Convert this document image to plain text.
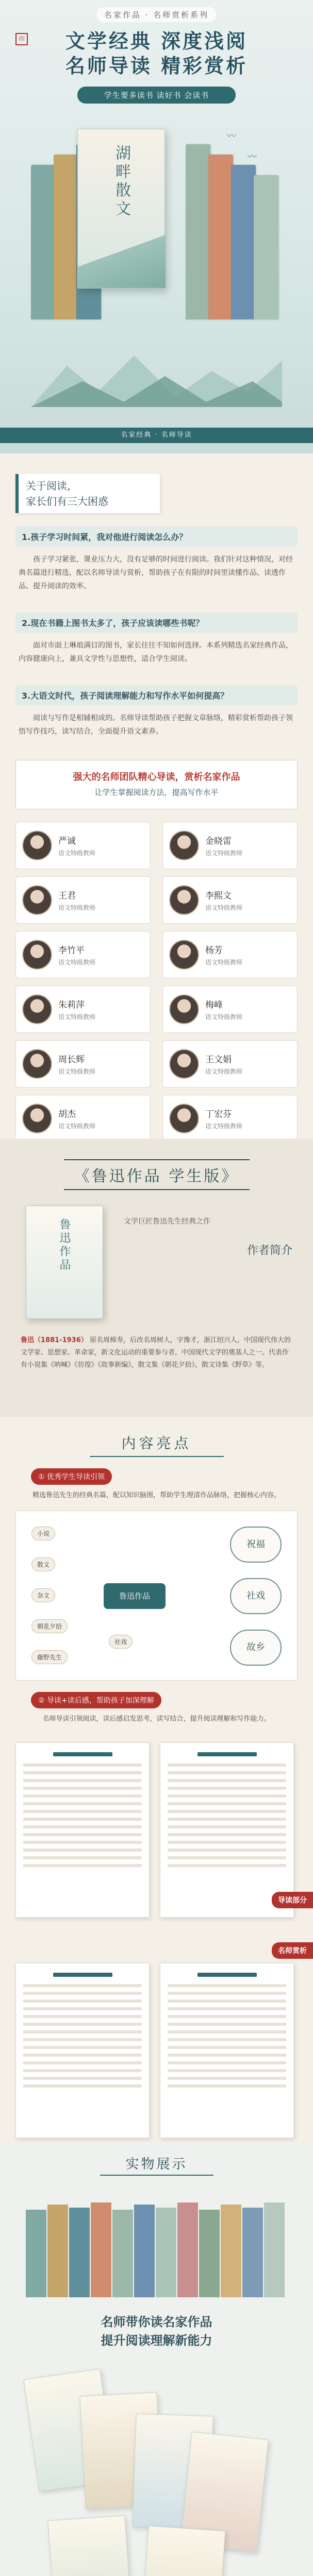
名家作品 · 名师赏析系列
印	文学经典 深度浅阅
名师导读 精彩赏析
学生要多读书 读好书 会读书
湖畔散文
〰
〰
名家经典 · 名师导读
关于阅读，
家长们有三大困惑
1.孩子学习时间紧，我对他进行阅读怎么办？
孩子学习紧张，课业压力大，没有足够的时间进行阅读。我们针对这种情况，对经典名篇进行精选，配以名师导读与赏析，帮助孩子在有限的时间里读懂作品、读透作品、提升阅读的效率。
2.现在书籍上图书太多了，孩子应该读哪些书呢？
面对市面上琳琅满目的图书，家长往往不知如何选择。本系列精选名家经典作品，内容健康向上，兼具文学性与思想性，适合学生阅读。
3.大语文时代，孩子阅读理解能力和写作水平如何提高？
阅读与写作是相辅相成的。名师导读帮助孩子把握文章脉络，精彩赏析帮助孩子领悟写作技巧，读写结合，全面提升语文素养。
强大的名师团队精心导读，赏析名家作品
让学生掌握阅读方法，提高写作水平
严诚
语文特级教师
金晓雷
语文特级教师
王君
语文特级教师
李熙文
语文特级教师
李竹平
语文特级教师
杨芳
语文特级教师
朱莉萍
语文特级教师
梅峰
语文特级教师
周长辉
语文特级教师
王文娟
语文特级教师
胡杰
语文特级教师
丁宏芬
语文特级教师
《鲁迅作品 学生版》
鲁迅作品	文学巨匠鲁迅先生经典之作
作者简介
鲁迅（1881-1936） 原名周樟寿，后改名周树人，字豫才，浙江绍兴人。中国现代伟大的文学家、思想家、革命家，新文化运动的重要参与者，中国现代文学的奠基人之一。代表作有小说集《呐喊》《彷徨》《故事新编》，散文集《朝花夕拾》，散文诗集《野草》等。
内容亮点
① 优秀学生导读引领
精选鲁迅先生的经典名篇，配以知识脑图，帮助学生理清作品脉络，把握核心内容。
鲁迅作品
小说
散文
杂文
朝花夕拾
藤野先生
社戏
祝福
社戏
故乡
② 导读+读后感，帮助孩子加深理解
名师导读引领阅读，读后感启发思考，读写结合，提升阅读理解和写作能力。
导读部分
名师赏析
实物展示
名师带你读名家作品
提升阅读理解新能力
